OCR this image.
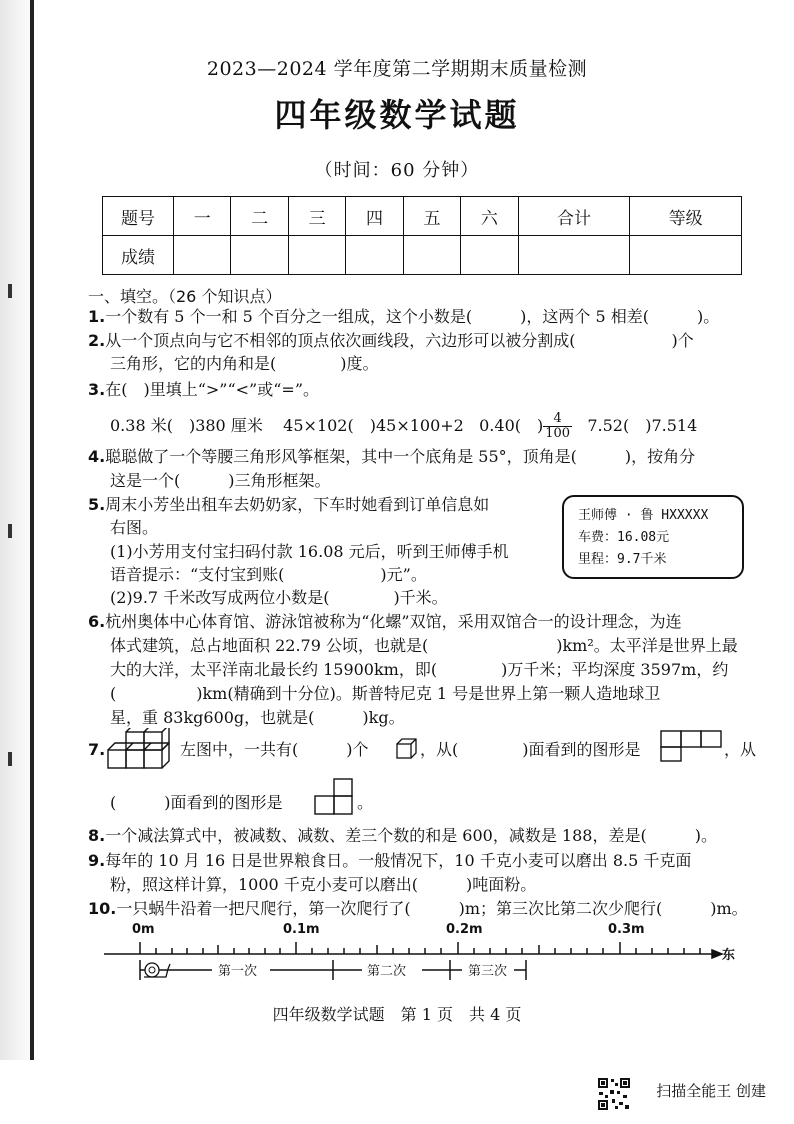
2023—2024 学年度第二学期期末质量检测
四年级数学试题
（时间：60 分钟）
题号	一	二	三	四	五	六	合计	等级
成绩								
一、填空。（26 个知识点）
1.一个数有 5 个一和 5 个百分之一组成，这个小数是(　　　)，这两个 5 相差(　　　)。
2.从一个顶点向与它不相邻的顶点依次画线段，六边形可以被分割成(　　　　　　)个
三角形，它的内角和是(　　　　)度。
3.在(　)里填上“>”“<”或“=”。
0.38 米(　)380 厘米 45×102(　)45×100+2 0.40(　) $\frac{4}{100} 7.52$(　)7.514
4.聪聪做了一个等腰三角形风筝框架，其中一个底角是 55°，顶角是(　　　)，按角分
这是一个(　　　)三角形框架。
5.周末小芳坐出租车去奶奶家，下车时她看到订单信息如
右图。
(1)小芳用支付宝扫码付款 16.08 元后，听到王师傅手机
语音提示：“支付宝到账(　　　　　　)元”。
(2)9.7 千米改写成两位小数是(　　　　)千米。
王师傅 · 鲁 HXXXXX
车费：16.08元
里程：9.7千米
6.杭州奥体中心体育馆、游泳馆被称为“化螺”双馆，采用双馆合一的设计理念，为连
体式建筑，总占地面积 22.79 公顷，也就是(　　　　　　　　)km²。太平洋是世界上最
大的大洋，太平洋南北最长约 15900km，即(　　　　)万千米；平均深度 3597m，约
(　　　　　)km(精确到十分位)。斯普特尼克 1 号是世界上第一颗人造地球卫
星，重 83kg600g，也就是(　　　)kg。
7.	左图中，一共有(　　　)个	，从(　　　　)面看到的图形是	，从
(　　　)面看到的图形是	。
8.一个减法算式中，被减数、减数、差三个数的和是 600，减数是 188，差是(　　　)。
9.每年的 10 月 16 日是世界粮食日。一般情况下，10 千克小麦可以磨出 8.5 千克面
粉，照这样计算，1000 千克小麦可以磨出(　　　)吨面粉。
10.一只蜗牛沿着一把尺爬行，第一次爬行了(　　　)m；第三次比第二次少爬行(　　　)m。
0m	0.1m	0.2m	0.3m
东
第一次	第二次	第三次
四年级数学试题　第 1 页　共 4 页
扫描全能王 创建
